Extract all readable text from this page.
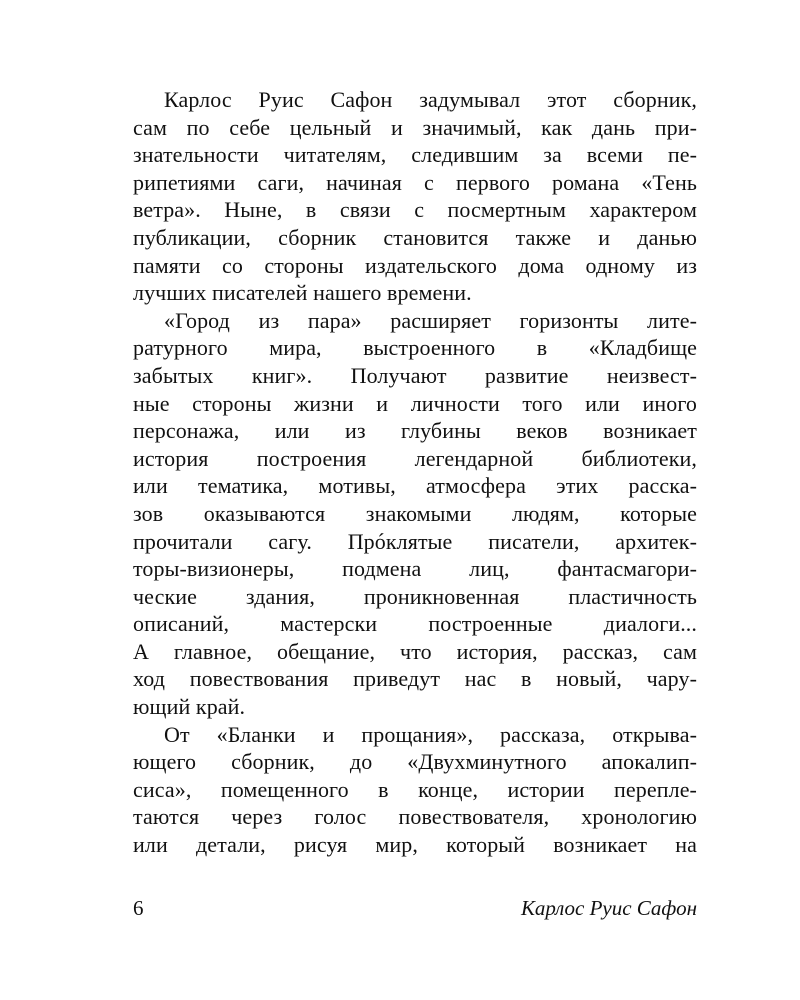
Карлос Руис Сафон задумывал этот сборник,
сам по себе цельный и значимый, как дань при-
знательности читателям, следившим за всеми пе-
рипетиями саги, начиная с первого романа «Тень
ветра». Ныне, в связи с посмертным характером
публикации, сборник становится также и данью
памяти со стороны издательского дома одному из
лучших писателей нашего времени.

«Город из пара» расширяет горизонты лите-
ратурного мира, выстроенного в «Кладбище
забытых книг». Получают развитие неизвест-
ные стороны жизни и личности того или иного
персонажа, или из глубины веков возникает
история построения легендарной библиотеки,
или тематика, мотивы, атмосфера этих расска-
зов оказываются знакомыми людям, которые
прочитали сагу. Прóклятые писатели, архитек-
торы-визионеры, подмена лиц, фантасмагори-
ческие здания, проникновенная пластичность
описаний, мастерски построенные диалоги...
А главное, обещание, что история, рассказ, сам
ход повествования приведут нас в новый, чару-
ющий край.

От «Бланки и прощания», рассказа, открыва-
ющего сборник, до «Двухминутного апокалип-
сиса», помещенного в конце, истории перепле-
таются через голос повествователя, хронологию
или детали, рисуя мир, который возникает на

6	Карлос Руис Сафон
